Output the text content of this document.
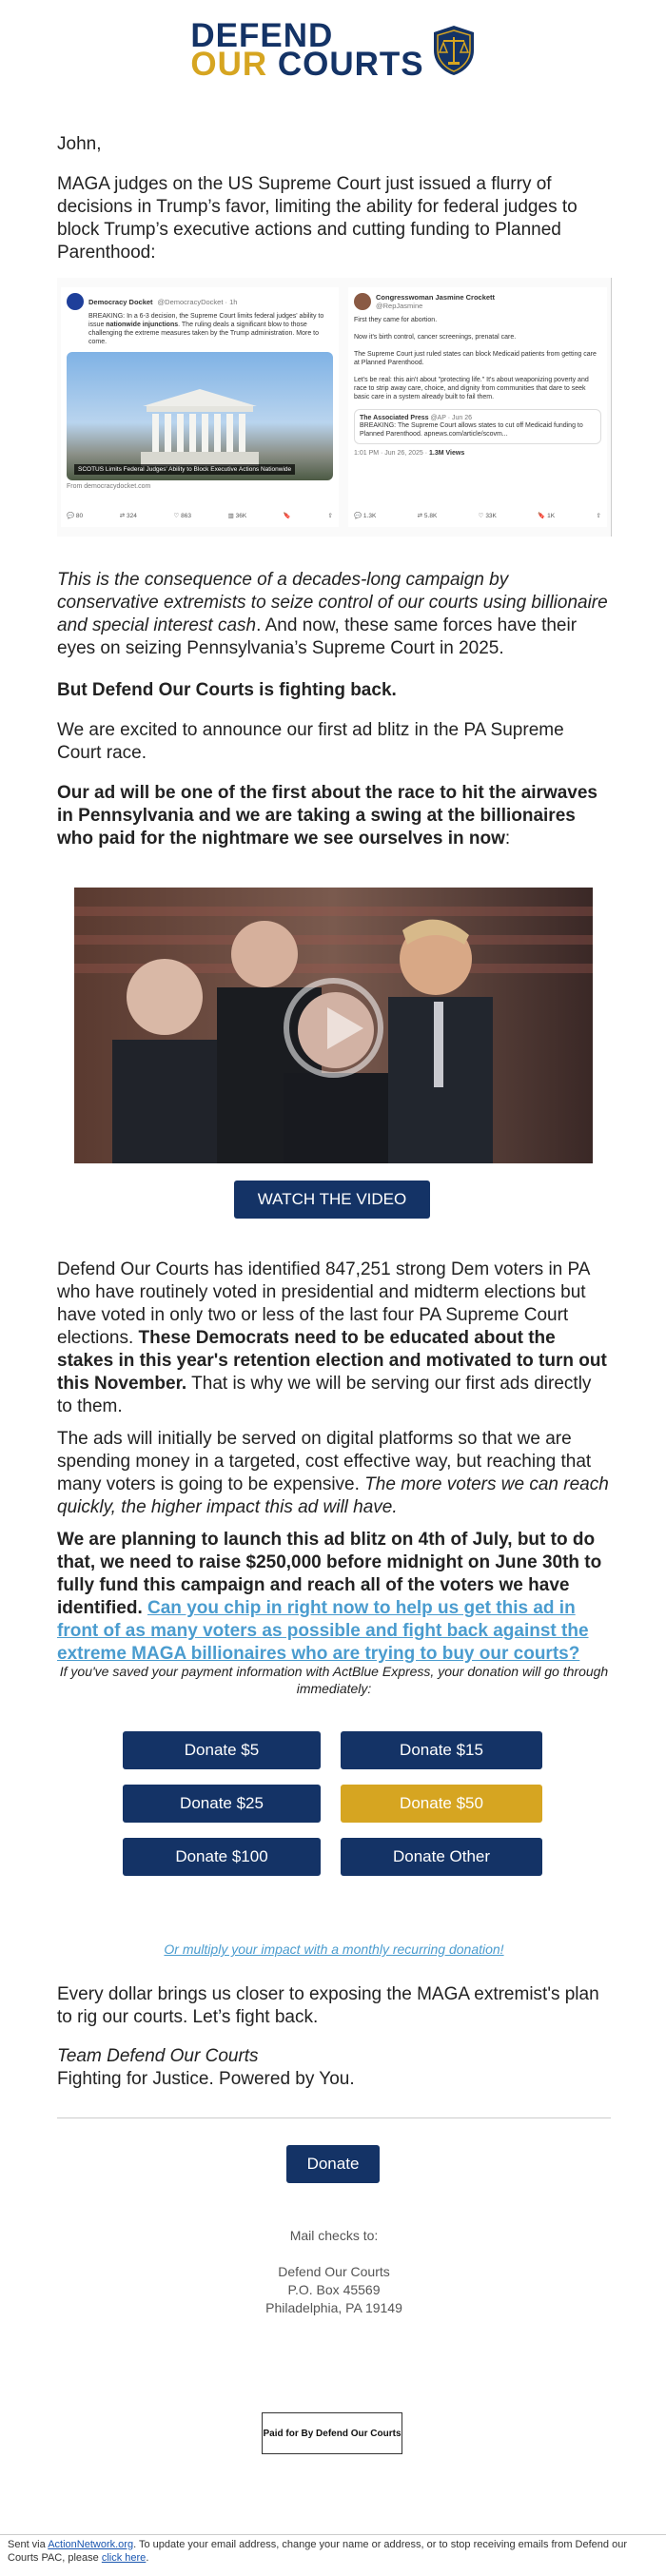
DEFEND
OUR COURTS

John,

MAGA judges on the US Supreme Court just issued a flurry of decisions in Trump’s favor, limiting the ability for federal judges to block Trump’s executive actions and cutting funding to Planned Parenthood:

Democracy Docket @DemocracyDocket · 1h
BREAKING: In a 6-3 decision, the Supreme Court limits federal judges' ability to issue nationwide injunctions. The ruling deals a significant blow to those challenging the extreme measures taken by the Trump administration. More to come.
SCOTUS Limits Federal Judges' Ability to Block Executive Actions Nationwide
From democracydocket.com
💬 80	⇄ 324	♡ 863	▥ 36K	🔖	⇧
Congresswoman Jasmine Crockett
@RepJasmine
First they came for abortion.

Now it's birth control, cancer screenings, prenatal care.

The Supreme Court just ruled states can block Medicaid patients from getting care at Planned Parenthood.

Let's be real: this ain't about "protecting life." It's about weaponizing poverty and race to strip away care, choice, and dignity from communities that dare to seek basic care in a system already built to fail them.
The Associated Press @AP · Jun 26
BREAKING: The Supreme Court allows states to cut off Medicaid funding to Planned Parenthood. apnews.com/article/scovm...
1:01 PM · Jun 26, 2025 · 1.3M Views
💬 1.3K	⇄ 5.8K	♡ 33K	🔖 1K	⇧

This is the consequence of a decades-long campaign by conservative extremists to seize control of our courts using billionaire and special interest cash. And now, these same forces have their eyes on seizing Pennsylvania’s Supreme Court in 2025.

But Defend Our Courts is fighting back.

We are excited to announce our first ad blitz in the PA Supreme Court race.

Our ad will be one of the first about the race to hit the airwaves in Pennsylvania and we are taking a swing at the billionaires who paid for the nightmare we see ourselves in now:

WATCH THE VIDEO

Defend Our Courts has identified 847,251 strong Dem voters in PA who have routinely voted in presidential and midterm elections but have voted in only two or less of the last four PA Supreme Court elections. These Democrats need to be educated about the stakes in this year's retention election and motivated to turn out this November. That is why we will be serving our first ads directly to them.

The ads will initially be served on digital platforms so that we are spending money in a targeted, cost effective way, but reaching that many voters is going to be expensive. The more voters we can reach quickly, the higher impact this ad will have.

We are planning to launch this ad blitz on 4th of July, but to do that, we need to raise $250,000 before midnight on June 30th to fully fund this campaign and reach all of the voters we have identified. Can you chip in right now to help us get this ad in front of as many voters as possible and fight back against the extreme MAGA billionaires who are trying to buy our courts?

If you've saved your payment information with ActBlue Express, your donation will go through immediately:

Donate $5	Donate $15
Donate $25	Donate $50
Donate $100	Donate Other
Or multiply your impact with a monthly recurring donation!

Every dollar brings us closer to exposing the MAGA extremist's plan to rig our courts. Let’s fight back.

Team Defend Our Courts

Fighting for Justice. Powered by You.

Donate
Mail checks to:
Defend Our Courts
P.O. Box 45569
Philadelphia, PA 19149
Paid for By Defend Our Courts
Sent via ActionNetwork.org. To update your email address, change your name or address, or to stop receiving emails from Defend our Courts PAC, please click here.
